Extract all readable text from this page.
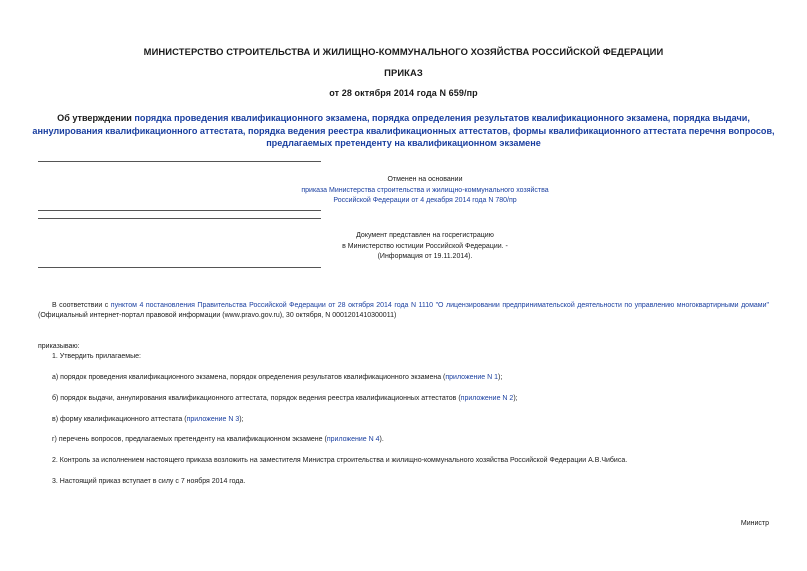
МИНИСТЕРСТВО СТРОИТЕЛЬСТВА И ЖИЛИЩНО-КОММУНАЛЬНОГО ХОЗЯЙСТВА РОССИЙСКОЙ ФЕДЕРАЦИИ
ПРИКАЗ
от 28 октября 2014 года N 659/пр
Об утверждении порядка проведения квалификационного экзамена, порядка определения результатов квалификационного экзамена, порядка выдачи, аннулирования квалификационного аттестата, порядка ведения реестра квалификационных аттестатов, формы квалификационного аттестата перечня вопросов, предлагаемых претенденту на квалификационном экзамене
Отменен на основании
приказа Министерства строительства и жилищно-коммунального хозяйства
Российской Федерации от 4 декабря 2014 года N 780/пр
Документ представлен на госрегистрацию
в Министерство юстиции Российской Федерации. -
(Информация от 19.11.2014).
В соответствии с пунктом 4 постановления Правительства Российской Федерации от 28 октября 2014 года N 1110 "О лицензировании предпринимательской деятельности по управлению многоквартирными домами" (Официальный интернет-портал правовой информации (www.pravo.gov.ru), 30 октября, N 0001201410300011)
приказываю:
1. Утвердить прилагаемые:
а) порядок проведения квалификационного экзамена, порядок определения результатов квалификационного экзамена (приложение N 1);
б) порядок выдачи, аннулирования квалификационного аттестата, порядок ведения реестра квалификационных аттестатов (приложение N 2);
в) форму квалификационного аттестата (приложение N 3);
г) перечень вопросов, предлагаемых претенденту на квалификационном экзамене (приложение N 4).
2. Контроль за исполнением настоящего приказа возложить на заместителя Министра строительства и жилищно-коммунального хозяйства Российской Федерации А.В.Чибиса.
3. Настоящий приказ вступает в силу с 7 ноября 2014 года.
Министр
